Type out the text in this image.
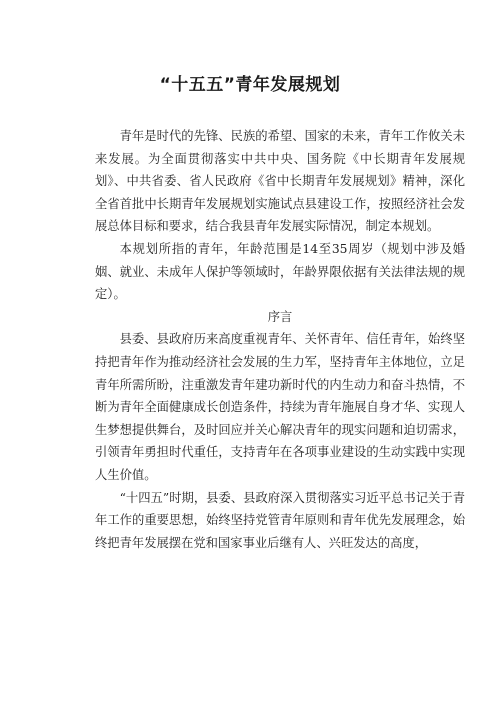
“十五五”青年发展规划

青年是时代的先锋、民族的希望、国家的未来，青年工作攸关未来发展。为全面贯彻落实中共中央、国务院《中长期青年发展规划》、中共省委、省人民政府《省中长期青年发展规划》精神，深化全省首批中长期青年发展规划实施试点县建设工作，按照经济社会发展总体目标和要求，结合我县青年发展实际情况，制定本规划。

本规划所指的青年，年龄范围是14至35周岁（规划中涉及婚姻、就业、未成年人保护等领域时，年龄界限依据有关法律法规的规定）。

序言

县委、县政府历来高度重视青年、关怀青年、信任青年，始终坚持把青年作为推动经济社会发展的生力军，坚持青年主体地位，立足青年所需所盼，注重激发青年建功新时代的内生动力和奋斗热情，不断为青年全面健康成长创造条件，持续为青年施展自身才华、实现人生梦想提供舞台，及时回应并关心解决青年的现实问题和迫切需求，引领青年勇担时代重任，支持青年在各项事业建设的生动实践中实现人生价值。

“十四五”时期，县委、县政府深入贯彻落实习近平总书记关于青年工作的重要思想，始终坚持党管青年原则和青年优先发展理念，始终把青年发展摆在党和国家事业后继有人、兴旺发达的高度，
